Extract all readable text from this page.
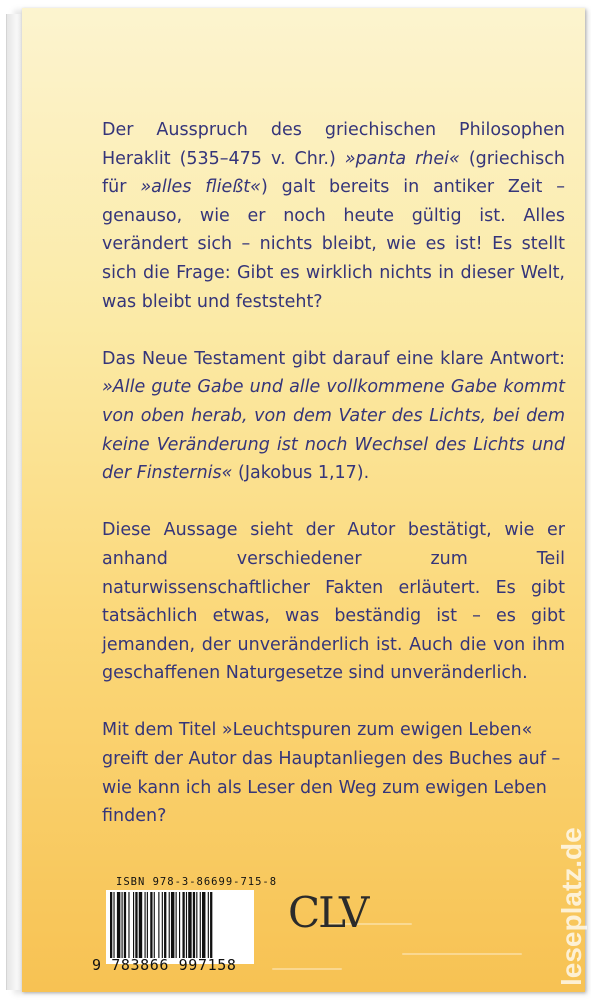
Der Ausspruch des griechischen Philosophen Heraklit (535–475 v. Chr.) »panta rhei« (griechisch für »alles fließt«) galt bereits in antiker Zeit – genauso, wie er noch heute gültig ist. Alles verändert sich – nichts bleibt, wie es ist! Es stellt sich die Frage: Gibt es wirklich nichts in dieser Welt, was bleibt und feststeht?

Das Neue Testament gibt darauf eine klare Antwort: »Alle gute Gabe und alle vollkommene Gabe kommt von oben herab, von dem Vater des Lichts, bei dem keine Veränderung ist noch Wechsel des Lichts und der Finsternis« (Jakobus 1,17).

Diese Aussage sieht der Autor bestätigt, wie er anhand verschiedener zum Teil naturwissenschaftlicher Fakten erläutert. Es gibt tatsächlich etwas, was beständig ist – es gibt jemanden, der unveränderlich ist. Auch die von ihm geschaffenen Naturgesetze sind unveränderlich.

Mit dem Titel »Leuchtspuren zum ewigen Leben« greift der Autor das Hauptanliegen des Buches auf – wie kann ich als Leser den Weg zum ewigen Leben finden?

ISBN 978-3-86699-715-8
9 783866 997158
CLV	leseplatz.de
